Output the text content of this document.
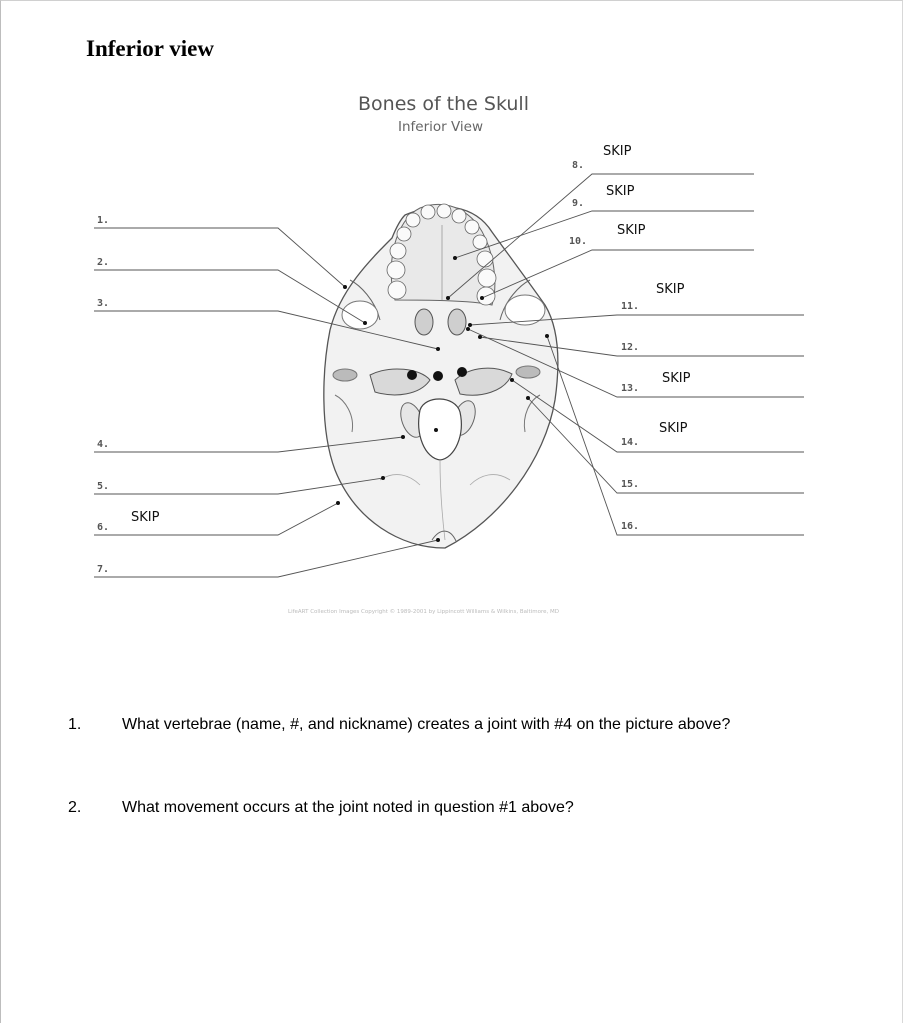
Inferior view
Bones of the Skull
Inferior View
1.
2.
3.
4.
5.
6.
7.
8.
9.
10.
11.
12.
13.
14.
15.
16.
SKIP
SKIP
SKIP
SKIP
SKIP
SKIP
SKIP
LifeART Collection Images Copyright © 1989-2001 by Lippincott Williams & Wilkins, Baltimore, MD
1.	What vertebrae (name, #, and nickname) creates a joint with #4 on the picture above?
2.	What movement occurs at the joint noted in question #1 above?
